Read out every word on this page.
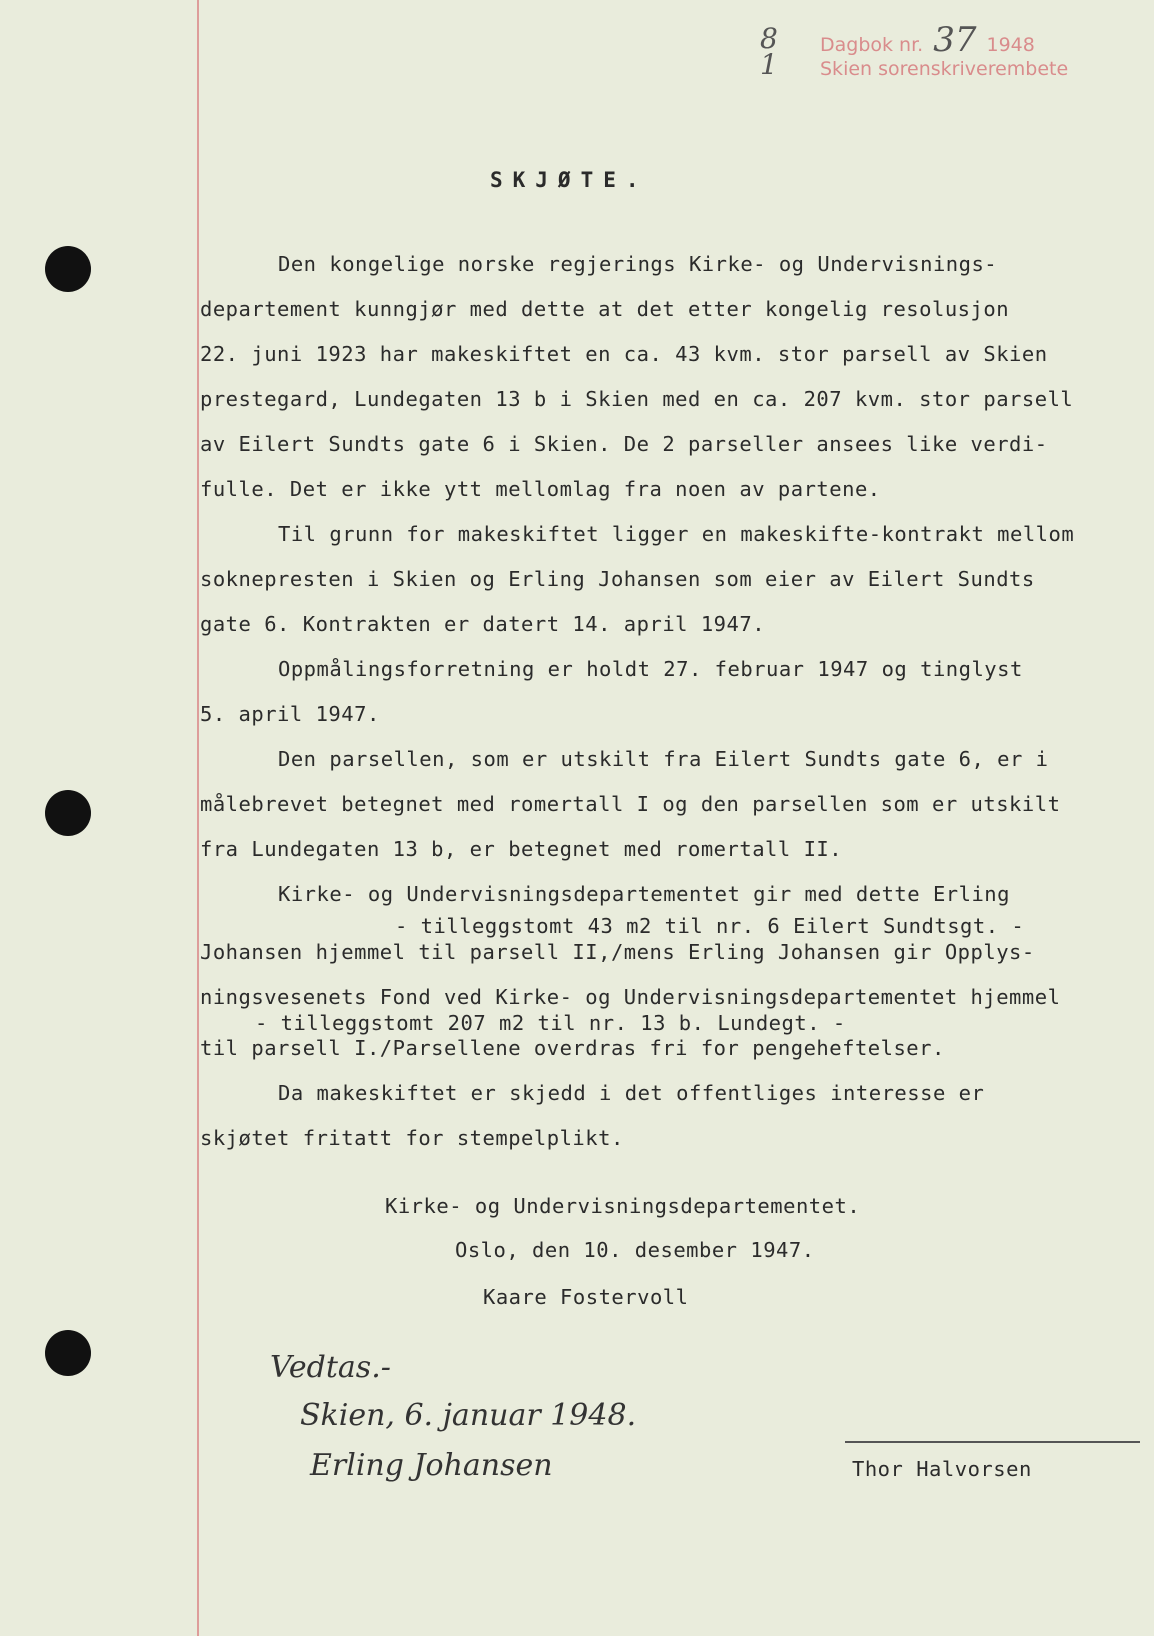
8
1
Dagbok nr. 37 1948
Skien sorenskriverembete
SKJØTE.
Den kongelige norske regjerings Kirke- og Undervisnings-
departement kunngjør med dette at det etter kongelig resolusjon
22. juni 1923 har makeskiftet en ca. 43 kvm. stor parsell av Skien
prestegard, Lundegaten 13 b i Skien med en ca. 207 kvm. stor parsell
av Eilert Sundts gate 6 i Skien. De 2 parseller ansees like verdi-
fulle. Det er ikke ytt mellomlag fra noen av partene.
Til grunn for makeskiftet ligger en makeskifte-kontrakt mellom
soknepresten i Skien og Erling Johansen som eier av Eilert Sundts
gate 6. Kontrakten er datert 14. april 1947.
Oppmålingsforretning er holdt 27. februar 1947 og tinglyst
5. april 1947.
Den parsellen, som er utskilt fra Eilert Sundts gate 6, er i
målebrevet betegnet med romertall I og den parsellen som er utskilt
fra Lundegaten 13 b, er betegnet med romertall II.
Kirke- og Undervisningsdepartementet gir med dette Erling
- tilleggstomt 43 m2 til nr. 6 Eilert Sundtsgt. -
Johansen hjemmel til parsell II,/mens Erling Johansen gir Opplys-
ningsvesenets Fond ved Kirke- og Undervisningsdepartementet hjemmel
- tilleggstomt 207 m2 til nr. 13 b. Lundegt. -
til parsell I./Parsellene overdras fri for pengeheftelser.
Da makeskiftet er skjedd i det offentliges interesse er
skjøtet fritatt for stempelplikt.
Kirke- og Undervisningsdepartementet.
Oslo, den 10. desember 1947.
Kaare Fostervoll
Vedtas.-
Skien, 6. januar 1948.
Erling Johansen	Thor Halvorsen
